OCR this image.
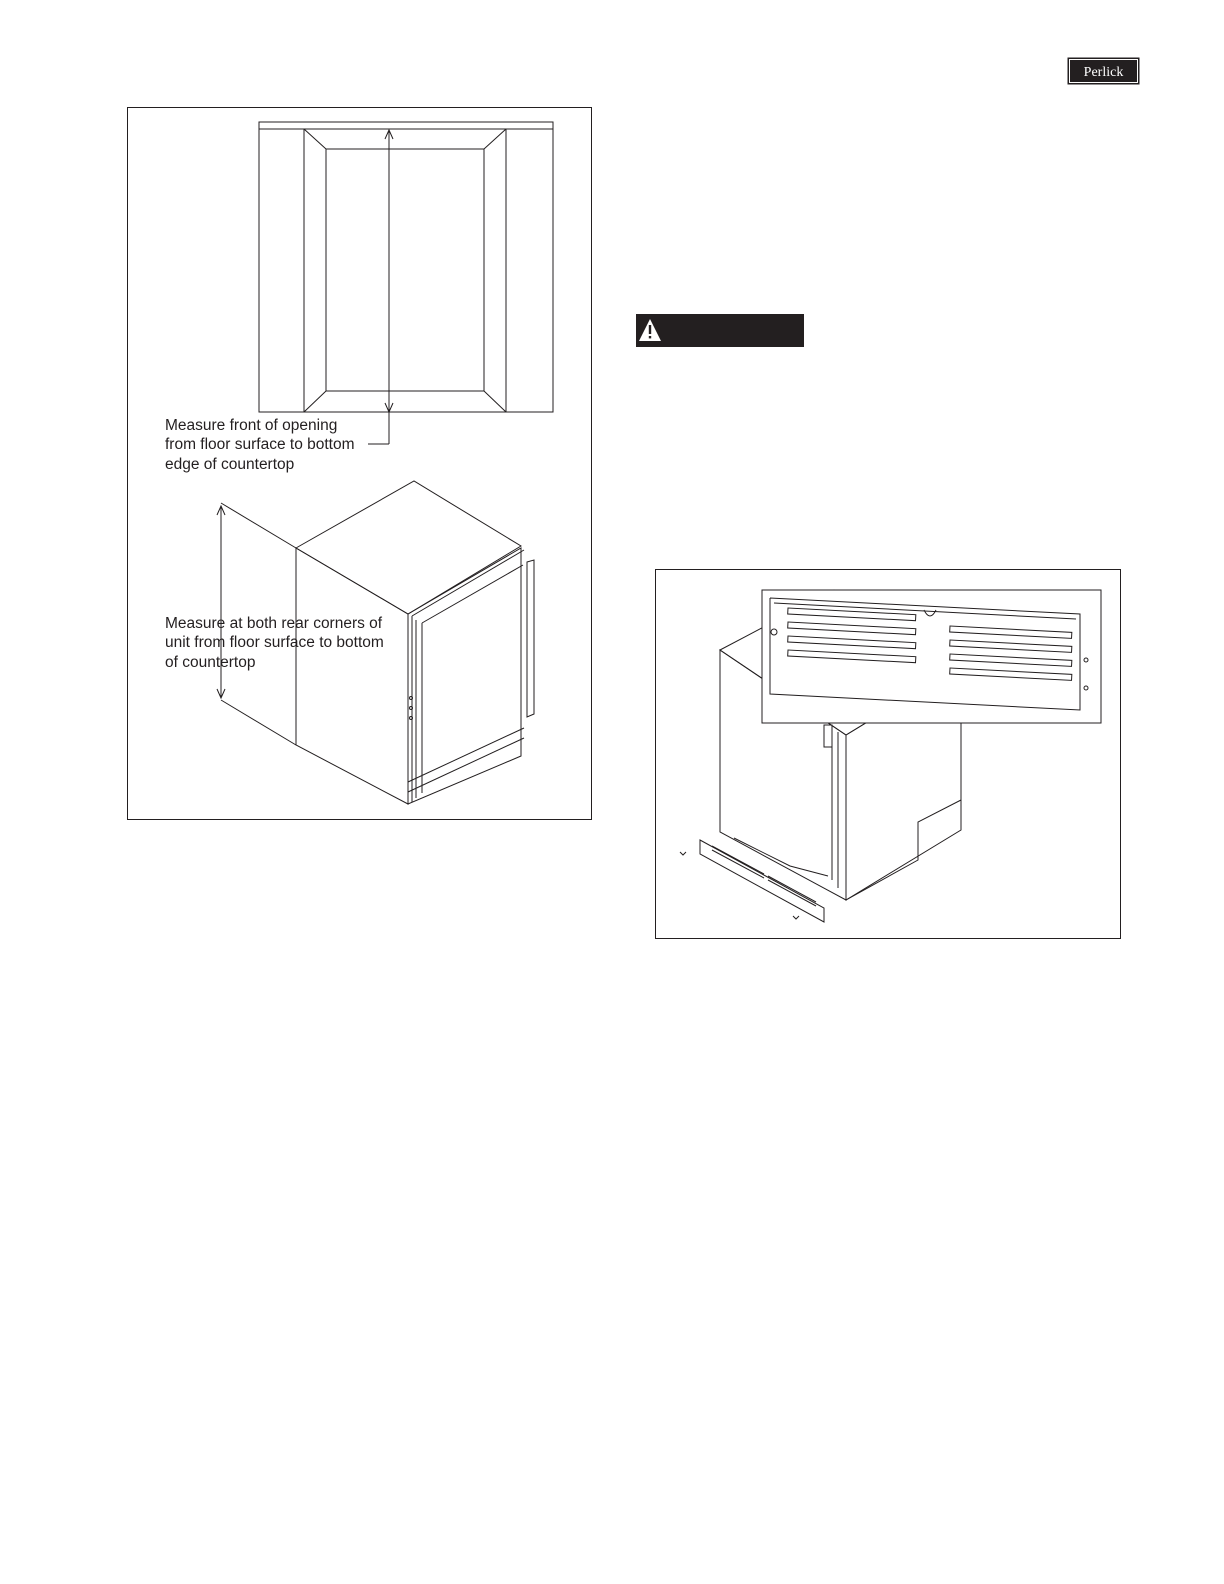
Perlick
Measure front of opening
from floor surface to bottom
edge of countertop
Measure at both rear corners of
unit from floor surface to bottom
of countertop
